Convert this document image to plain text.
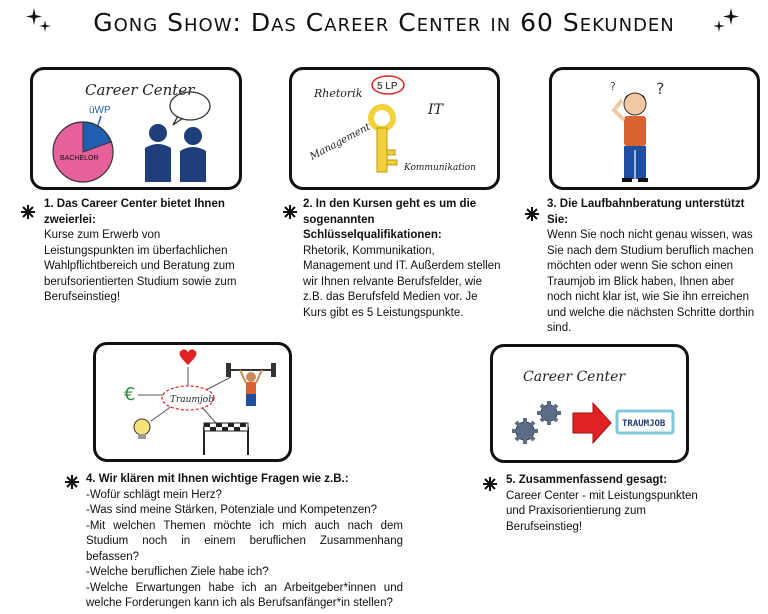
Gong Show: Das Career Center in 60 Sekunden
Career Center
üWP
BACHELOR
1. Das Career Center bietet Ihnen zweierlei:
Kurse zum Erwerb von Leistungspunkten im überfachlichen Wahlpflichtbereich und Beratung zum berufsorientierten Studium sowie zum Berufseinstieg!
Rhetorik
5 LP
IT
Management
Kommunikation
2. In den Kursen geht es um die sogenannten Schlüsselqualifikationen:
Rhetorik, Kommunikation, Management und IT. Außerdem stellen wir Ihnen relvante Berufsfelder, wie z.B. das Berufsfeld Medien vor. Je Kurs gibt es 5 Leistungspunkte.
?
?
3. Die Laufbahnberatung unterstützt Sie:
Wenn Sie noch nicht genau wissen, was Sie nach dem Studium beruflich machen möchten oder wenn Sie schon einen Traumjob im Blick haben, Ihnen aber noch nicht klar ist, wie Sie ihn erreichen und welche die nächsten Schritte dorthin sind.
Traumjob
€
4. Wir klären mit Ihnen wichtige Fragen wie z.B.:
-Wofür schlägt mein Herz?
-Was sind meine Stärken, Potenziale und Kompetenzen?
-Mit welchen Themen möchte ich mich auch nach dem Studium noch in einem beruflichen Zusammenhang befassen?
-Welche beruflichen Ziele habe ich?
-Welche Erwartungen habe ich an Arbeitgeber*innen und welche Forderungen kann ich als Berufsanfänger*in stellen?
Career Center
TRAUMJOB
5. Zusammenfassend gesagt:
Career Center - mit Leistungspunkten und Praxisorientierung zum Berufseinstieg!
